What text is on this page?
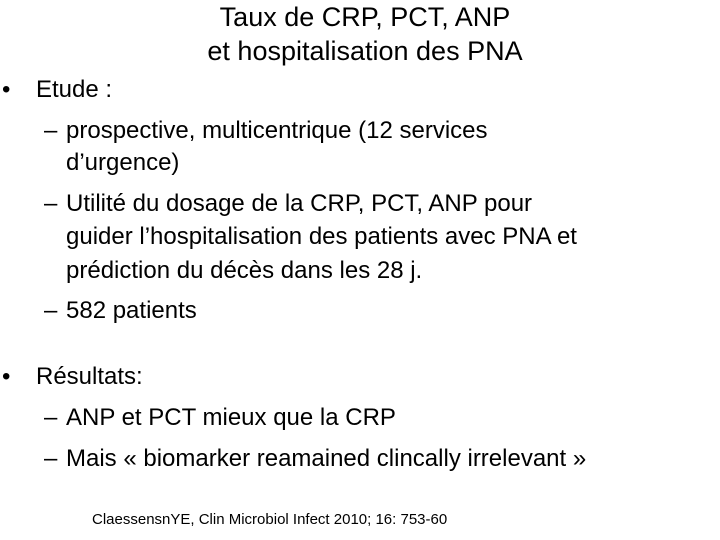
Taux de CRP, PCT, ANP
et hospitalisation des PNA
• Etude :
– prospective, multicentrique (12 services
d’urgence)
– Utilité du dosage de la CRP, PCT, ANP pour
guider l’hospitalisation des patients avec PNA et
prédiction du décès dans les 28 j.
– 582 patients
• Résultats:
– ANP et PCT mieux que la CRP
– Mais « biomarker reamained clincally irrelevant »
ClaessensnYE, Clin Microbiol Infect 2010; 16: 753-60
